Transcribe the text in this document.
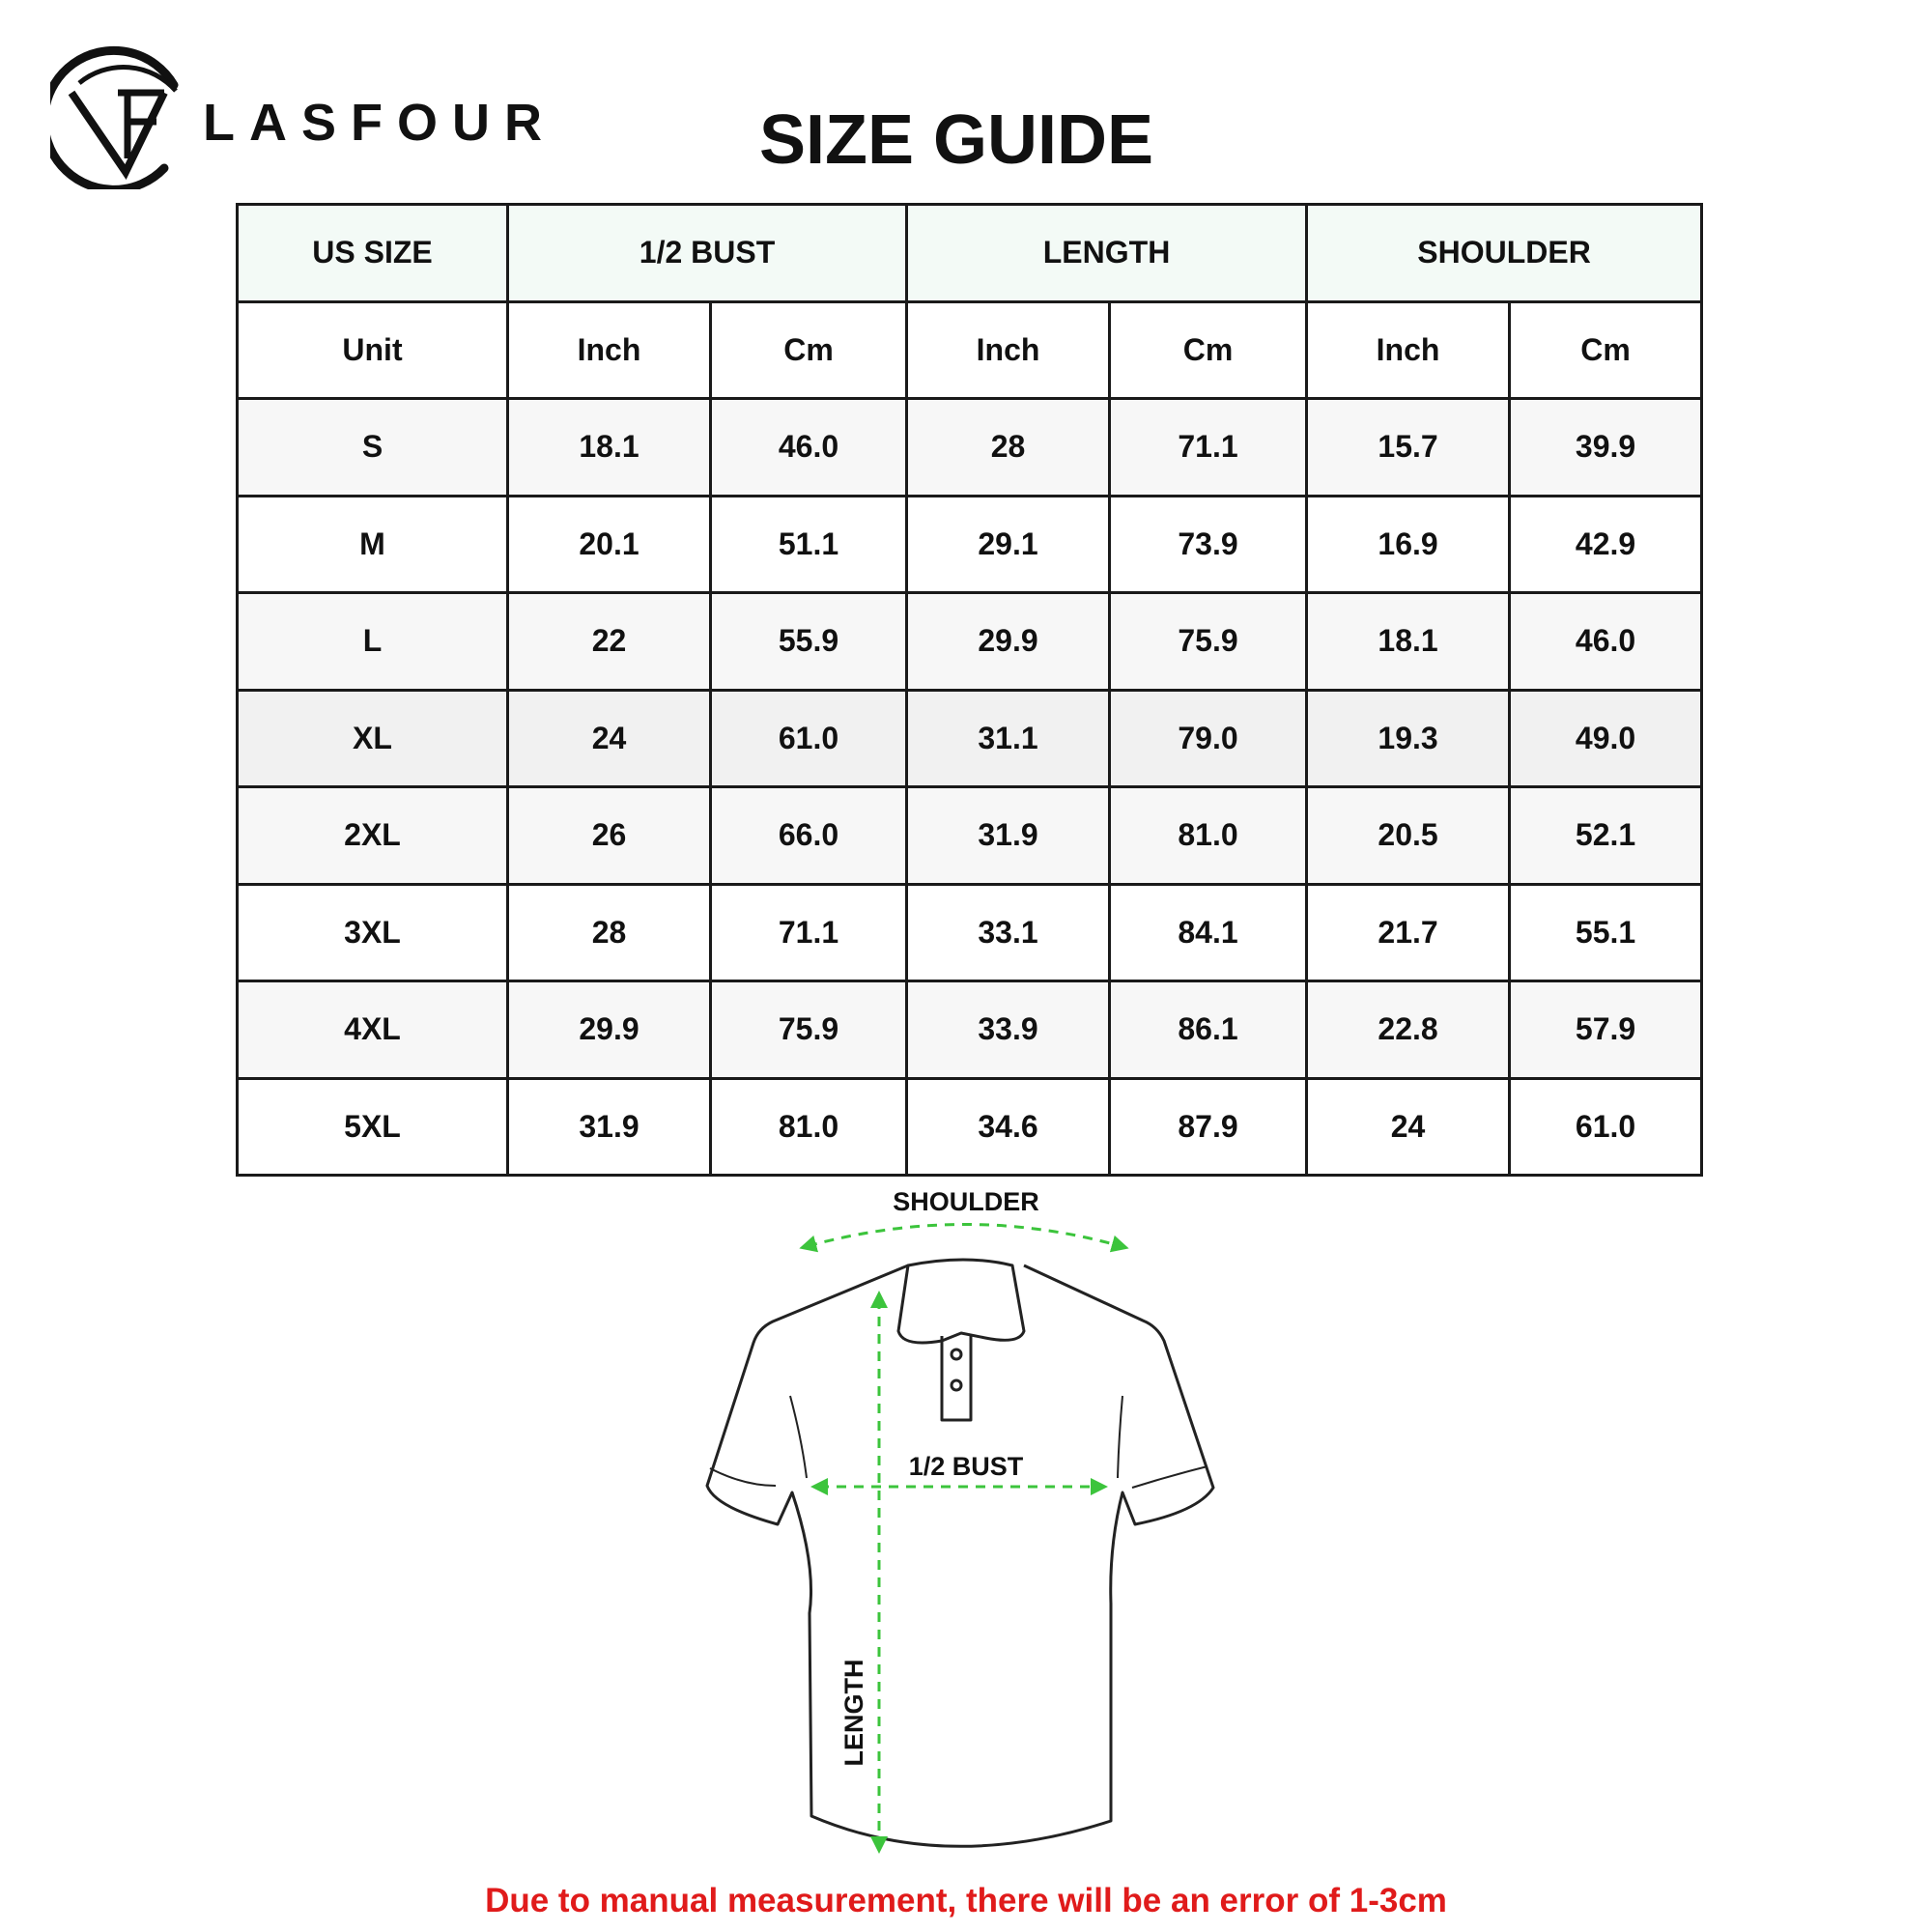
LASFOUR	SIZE GUIDE
US SIZE	1/2 BUST		LENGTH		SHOULDER	
Unit	Inch	Cm	Inch	Cm	Inch	Cm
S	18.1	46.0	28	71.1	15.7	39.9
M	20.1	51.1	29.1	73.9	16.9	42.9
L	22	55.9	29.9	75.9	18.1	46.0
XL	24	61.0	31.1	79.0	19.3	49.0
2XL	26	66.0	31.9	81.0	20.5	52.1
3XL	28	71.1	33.1	84.1	21.7	55.1
4XL	29.9	75.9	33.9	86.1	22.8	57.9
5XL	31.9	81.0	34.6	87.9	24	61.0
SHOULDER
1/2 BUST
LENGTH
Due to manual measurement, there will be an error of 1-3cm
